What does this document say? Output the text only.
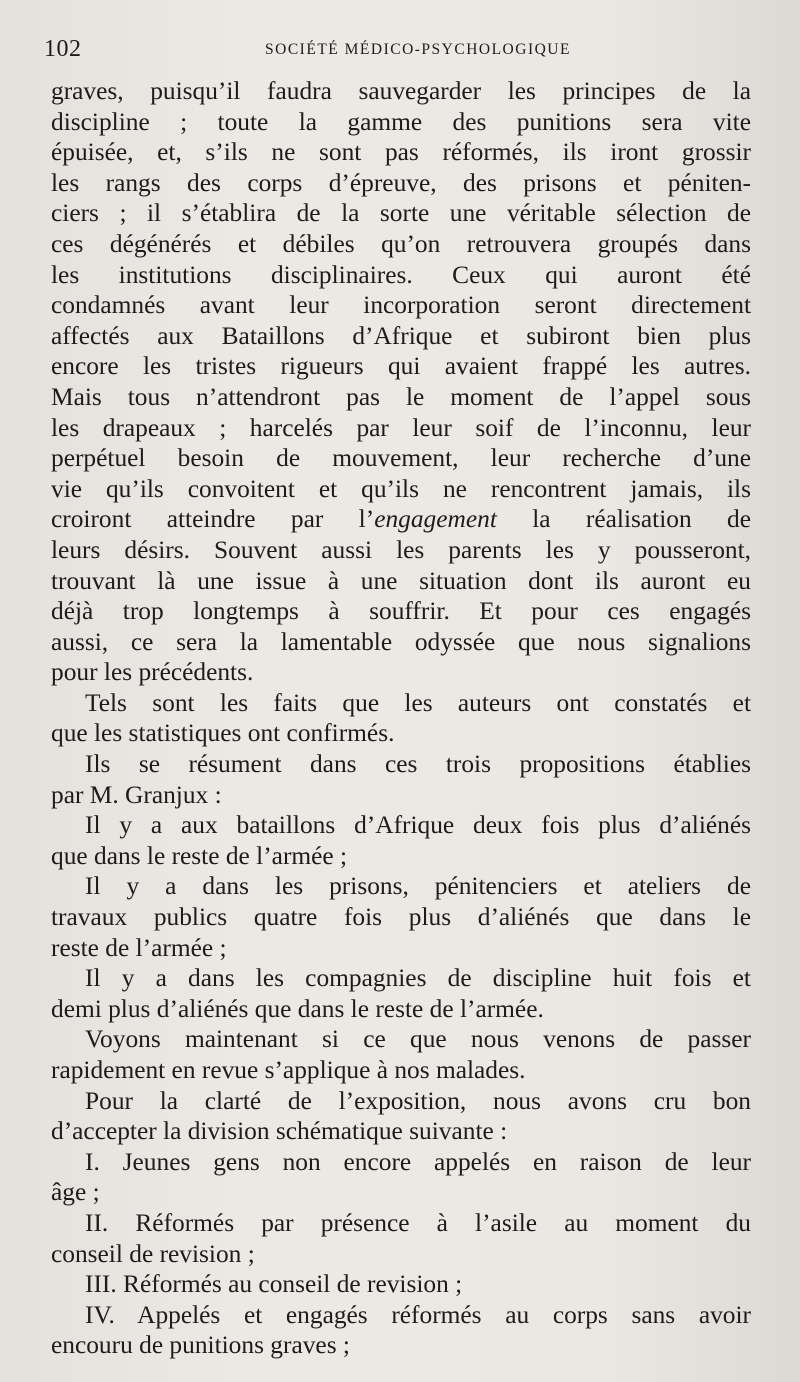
102	SOCIÉTÉ MÉDICO-PSYCHOLOGIQUE
graves, puisqu’il faudra sauvegarder les principes de la
discipline ; toute la gamme des punitions sera vite
épuisée, et, s’ils ne sont pas réformés, ils iront grossir
les rangs des corps d’épreuve, des prisons et péniten-
ciers ; il s’établira de la sorte une véritable sélection de
ces dégénérés et débiles qu’on retrouvera groupés dans
les institutions disciplinaires. Ceux qui auront été
condamnés avant leur incorporation seront directement
affectés aux Bataillons d’Afrique et subiront bien plus
encore les tristes rigueurs qui avaient frappé les autres.
Mais tous n’attendront pas le moment de l’appel sous
les drapeaux ; harcelés par leur soif de l’inconnu, leur
perpétuel besoin de mouvement, leur recherche d’une
vie qu’ils convoitent et qu’ils ne rencontrent jamais, ils
croiront atteindre par l’engagement la réalisation de
leurs désirs. Souvent aussi les parents les y pousseront,
trouvant là une issue à une situation dont ils auront eu
déjà trop longtemps à souffrir. Et pour ces engagés
aussi, ce sera la lamentable odyssée que nous signalions
pour les précédents.
Tels sont les faits que les auteurs ont constatés et
que les statistiques ont confirmés.
Ils se résument dans ces trois propositions établies
par M. Granjux :
Il y a aux bataillons d’Afrique deux fois plus d’aliénés
que dans le reste de l’armée ;
Il y a dans les prisons, pénitenciers et ateliers de
travaux publics quatre fois plus d’aliénés que dans le
reste de l’armée ;
Il y a dans les compagnies de discipline huit fois et
demi plus d’aliénés que dans le reste de l’armée.
Voyons maintenant si ce que nous venons de passer
rapidement en revue s’applique à nos malades.
Pour la clarté de l’exposition, nous avons cru bon
d’accepter la division schématique suivante :
I. Jeunes gens non encore appelés en raison de leur
âge ;
II. Réformés par présence à l’asile au moment du
conseil de revision ;
III. Réformés au conseil de revision ;
IV. Appelés et engagés réformés au corps sans avoir
encouru de punitions graves ;
